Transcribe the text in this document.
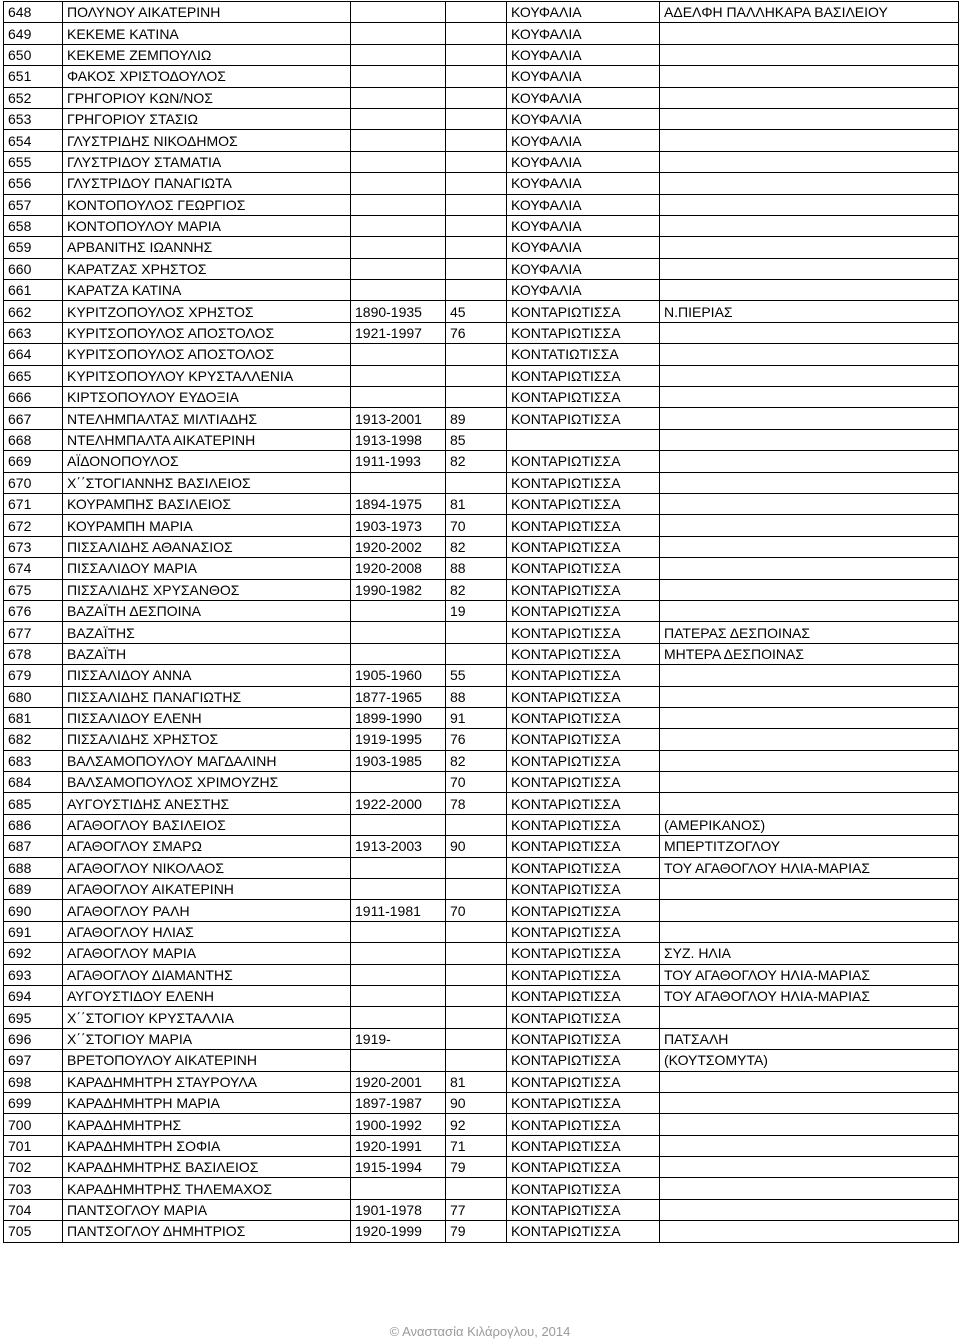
648	ΠΟΛΥΝΟΥ ΑΙΚΑΤΕΡΙΝΗ			ΚΟΥΦΑΛΙΑ	ΑΔΕΛΦΗ ΠΑΛΛΗΚΑΡΑ ΒΑΣΙΛΕΙΟΥ
649	ΚΕΚΕΜΕ ΚΑΤΙΝΑ			ΚΟΥΦΑΛΙΑ	
650	ΚΕΚΕΜΕ ΖΕΜΠΟΥΛΙΩ			ΚΟΥΦΑΛΙΑ	
651	ΦΑΚΟΣ ΧΡΙΣΤΟΔΟΥΛΟΣ			ΚΟΥΦΑΛΙΑ	
652	ΓΡΗΓΟΡΙΟΥ ΚΩΝ/ΝΟΣ			ΚΟΥΦΑΛΙΑ	
653	ΓΡΗΓΟΡΙΟΥ ΣΤΑΣΙΩ			ΚΟΥΦΑΛΙΑ	
654	ΓΛΥΣΤΡΙΔΗΣ ΝΙΚΟΔΗΜΟΣ			ΚΟΥΦΑΛΙΑ	
655	ΓΛΥΣΤΡΙΔΟΥ ΣΤΑΜΑΤΙΑ			ΚΟΥΦΑΛΙΑ	
656	ΓΛΥΣΤΡΙΔΟΥ ΠΑΝΑΓΙΩΤΑ			ΚΟΥΦΑΛΙΑ	
657	ΚΟΝΤΟΠΟΥΛΟΣ ΓΕΩΡΓΙΟΣ			ΚΟΥΦΑΛΙΑ	
658	ΚΟΝΤΟΠΟΥΛΟΥ ΜΑΡΙΑ			ΚΟΥΦΑΛΙΑ	
659	ΑΡΒΑΝΙΤΗΣ ΙΩΑΝΝΗΣ			ΚΟΥΦΑΛΙΑ	
660	ΚΑΡΑΤΖΑΣ ΧΡΗΣΤΟΣ			ΚΟΥΦΑΛΙΑ	
661	ΚΑΡΑΤΖΑ ΚΑΤΙΝΑ			ΚΟΥΦΑΛΙΑ	
662	ΚΥΡΙΤΖΟΠΟΥΛΟΣ ΧΡΗΣΤΟΣ	1890-1935	45	ΚΟΝΤΑΡΙΩΤΙΣΣΑ	Ν.ΠΙΕΡΙΑΣ
663	ΚΥΡΙΤΣΟΠΟΥΛΟΣ ΑΠΟΣΤΟΛΟΣ	1921-1997	76	ΚΟΝΤΑΡΙΩΤΙΣΣΑ	
664	ΚΥΡΙΤΣΟΠΟΥΛΟΣ ΑΠΟΣΤΟΛΟΣ			ΚΟΝΤΑΤΙΩΤΙΣΣΑ	
665	ΚΥΡΙΤΣΟΠΟΥΛΟΥ ΚΡΥΣΤΑΛΛΕΝΙΑ			ΚΟΝΤΑΡΙΩΤΙΣΣΑ	
666	ΚΙΡΤΣΟΠΟΥΛΟΥ ΕΥΔΟΞΙΑ			ΚΟΝΤΑΡΙΩΤΙΣΣΑ	
667	ΝΤΕΛΗΜΠΑΛΤΑΣ ΜΙΛΤΙΑΔΗΣ	1913-2001	89	ΚΟΝΤΑΡΙΩΤΙΣΣΑ	
668	ΝΤΕΛΗΜΠΑΛΤΑ ΑΙΚΑΤΕΡΙΝΗ	1913-1998	85		
669	ΑΪΔΟΝΟΠΟΥΛΟΣ	1911-1993	82	ΚΟΝΤΑΡΙΩΤΙΣΣΑ	
670	Χ΄΄ΣΤΟΓΙΑΝΝΗΣ ΒΑΣΙΛΕΙΟΣ			ΚΟΝΤΑΡΙΩΤΙΣΣΑ	
671	ΚΟΥΡΑΜΠΗΣ ΒΑΣΙΛΕΙΟΣ	1894-1975	81	ΚΟΝΤΑΡΙΩΤΙΣΣΑ	
672	ΚΟΥΡΑΜΠΗ ΜΑΡΙΑ	1903-1973	70	ΚΟΝΤΑΡΙΩΤΙΣΣΑ	
673	ΠΙΣΣΑΛΙΔΗΣ ΑΘΑΝΑΣΙΟΣ	1920-2002	82	ΚΟΝΤΑΡΙΩΤΙΣΣΑ	
674	ΠΙΣΣΑΛΙΔΟΥ ΜΑΡΙΑ	1920-2008	88	ΚΟΝΤΑΡΙΩΤΙΣΣΑ	
675	ΠΙΣΣΑΛΙΔΗΣ ΧΡΥΣΑΝΘΟΣ	1990-1982	82	ΚΟΝΤΑΡΙΩΤΙΣΣΑ	
676	ΒΑΖΑΪΤΗ ΔΕΣΠΟΙΝΑ		19	ΚΟΝΤΑΡΙΩΤΙΣΣΑ	
677	ΒΑΖΑΪΤΗΣ			ΚΟΝΤΑΡΙΩΤΙΣΣΑ	ΠΑΤΕΡΑΣ ΔΕΣΠΟΙΝΑΣ
678	ΒΑΖΑΪΤΗ			ΚΟΝΤΑΡΙΩΤΙΣΣΑ	ΜΗΤΕΡΑ ΔΕΣΠΟΙΝΑΣ
679	ΠΙΣΣΑΛΙΔΟΥ ΑΝΝΑ	1905-1960	55	ΚΟΝΤΑΡΙΩΤΙΣΣΑ	
680	ΠΙΣΣΑΛΙΔΗΣ ΠΑΝΑΓΙΩΤΗΣ	1877-1965	88	ΚΟΝΤΑΡΙΩΤΙΣΣΑ	
681	ΠΙΣΣΑΛΙΔΟΥ ΕΛΕΝΗ	1899-1990	91	ΚΟΝΤΑΡΙΩΤΙΣΣΑ	
682	ΠΙΣΣΑΛΙΔΗΣ ΧΡΗΣΤΟΣ	1919-1995	76	ΚΟΝΤΑΡΙΩΤΙΣΣΑ	
683	ΒΑΛΣΑΜΟΠΟΥΛΟΥ ΜΑΓΔΑΛΙΝΗ	1903-1985	82	ΚΟΝΤΑΡΙΩΤΙΣΣΑ	
684	ΒΑΛΣΑΜΟΠΟΥΛΟΣ ΧΡΙΜΟΥΖΗΣ		70	ΚΟΝΤΑΡΙΩΤΙΣΣΑ	
685	ΑΥΓΟΥΣΤΙΔΗΣ ΑΝΕΣΤΗΣ	1922-2000	78	ΚΟΝΤΑΡΙΩΤΙΣΣΑ	
686	ΑΓΑΘΟΓΛΟΥ ΒΑΣΙΛΕΙΟΣ			ΚΟΝΤΑΡΙΩΤΙΣΣΑ	(ΑΜΕΡΙΚΑΝΟΣ)
687	ΑΓΑΘΟΓΛΟΥ ΣΜΑΡΩ	1913-2003	90	ΚΟΝΤΑΡΙΩΤΙΣΣΑ	ΜΠΕΡΤΙΤΖΟΓΛΟΥ
688	ΑΓΑΘΟΓΛΟΥ ΝΙΚΟΛΑΟΣ			ΚΟΝΤΑΡΙΩΤΙΣΣΑ	ΤΟΥ ΑΓΑΘΟΓΛΟΥ ΗΛΙΑ-ΜΑΡΙΑΣ
689	ΑΓΑΘΟΓΛΟΥ ΑΙΚΑΤΕΡΙΝΗ			ΚΟΝΤΑΡΙΩΤΙΣΣΑ	
690	ΑΓΑΘΟΓΛΟΥ ΡΑΛΗ	1911-1981	70	ΚΟΝΤΑΡΙΩΤΙΣΣΑ	
691	ΑΓΑΘΟΓΛΟΥ ΗΛΙΑΣ			ΚΟΝΤΑΡΙΩΤΙΣΣΑ	
692	ΑΓΑΘΟΓΛΟΥ ΜΑΡΙΑ			ΚΟΝΤΑΡΙΩΤΙΣΣΑ	ΣΥΖ. ΗΛΙΑ
693	ΑΓΑΘΟΓΛΟΥ ΔΙΑΜΑΝΤΗΣ			ΚΟΝΤΑΡΙΩΤΙΣΣΑ	ΤΟΥ ΑΓΑΘΟΓΛΟΥ ΗΛΙΑ-ΜΑΡΙΑΣ
694	ΑΥΓΟΥΣΤΙΔΟΥ ΕΛΕΝΗ			ΚΟΝΤΑΡΙΩΤΙΣΣΑ	ΤΟΥ ΑΓΑΘΟΓΛΟΥ ΗΛΙΑ-ΜΑΡΙΑΣ
695	Χ΄΄ΣΤΟΓΙΟΥ ΚΡΥΣΤΑΛΛΙΑ			ΚΟΝΤΑΡΙΩΤΙΣΣΑ	
696	Χ΄΄ΣΤΟΓΙΟΥ ΜΑΡΙΑ	1919-		ΚΟΝΤΑΡΙΩΤΙΣΣΑ	ΠΑΤΣΑΛΗ
697	ΒΡΕΤΟΠΟΥΛΟΥ ΑΙΚΑΤΕΡΙΝΗ			ΚΟΝΤΑΡΙΩΤΙΣΣΑ	(ΚΟΥΤΣΟΜΥΤΑ)
698	ΚΑΡΑΔΗΜΗΤΡΗ ΣΤΑΥΡΟΥΛΑ	1920-2001	81	ΚΟΝΤΑΡΙΩΤΙΣΣΑ	
699	ΚΑΡΑΔΗΜΗΤΡΗ ΜΑΡΙΑ	1897-1987	90	ΚΟΝΤΑΡΙΩΤΙΣΣΑ	
700	ΚΑΡΑΔΗΜΗΤΡΗΣ	1900-1992	92	ΚΟΝΤΑΡΙΩΤΙΣΣΑ	
701	ΚΑΡΑΔΗΜΗΤΡΗ ΣΟΦΙΑ	1920-1991	71	ΚΟΝΤΑΡΙΩΤΙΣΣΑ	
702	ΚΑΡΑΔΗΜΗΤΡΗΣ ΒΑΣΙΛΕΙΟΣ	1915-1994	79	ΚΟΝΤΑΡΙΩΤΙΣΣΑ	
703	ΚΑΡΑΔΗΜΗΤΡΗΣ ΤΗΛΕΜΑΧΟΣ			ΚΟΝΤΑΡΙΩΤΙΣΣΑ	
704	ΠΑΝΤΣΟΓΛΟΥ ΜΑΡΙΑ	1901-1978	77	ΚΟΝΤΑΡΙΩΤΙΣΣΑ	
705	ΠΑΝΤΣΟΓΛΟΥ ΔΗΜΗΤΡΙΟΣ	1920-1999	79	ΚΟΝΤΑΡΙΩΤΙΣΣΑ	
© Αναστασία Κιλάρογλου, 2014
